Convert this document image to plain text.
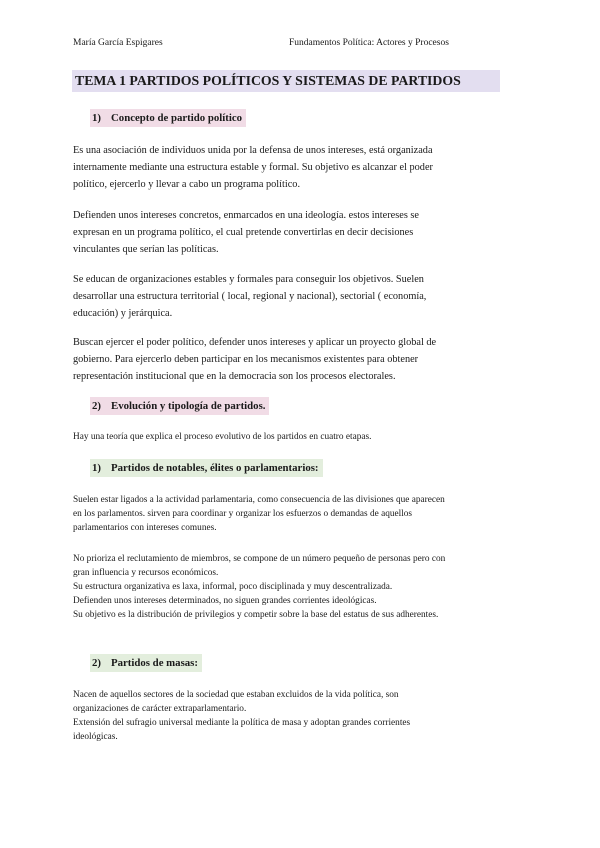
María García Espigares	Fundamentos Política: Actores y Procesos
TEMA 1 PARTIDOS POLÍTICOS Y SISTEMAS DE PARTIDOS
1) Concepto de partido político
Es una asociación de individuos unida por la defensa de unos intereses, está organizada
internamente mediante una estructura estable y formal. Su objetivo es alcanzar el poder
político, ejercerlo y llevar a cabo un programa político.
Defienden unos intereses concretos, enmarcados en una ideología. estos intereses se
expresan en un programa político, el cual pretende convertirlas en decir decisiones
vinculantes que serían las políticas.
Se educan de organizaciones estables y formales para conseguir los objetivos. Suelen
desarrollar una estructura territorial ( local, regional y nacional), sectorial ( economía,
educación) y jerárquica.
Buscan ejercer el poder político, defender unos intereses y aplicar un proyecto global de
gobierno. Para ejercerlo deben participar en los mecanismos existentes para obtener
representación institucional que en la democracia son los procesos electorales.
2) Evolución y tipología de partidos.
Hay una teoría que explica el proceso evolutivo de los partidos en cuatro etapas.
1) Partidos de notables, élites o parlamentarios:
Suelen estar ligados a la actividad parlamentaria, como consecuencia de las divisiones que aparecen
en los parlamentos. sirven para coordinar y organizar los esfuerzos o demandas de aquellos
parlamentarios con intereses comunes.
No prioriza el reclutamiento de miembros, se compone de un número pequeño de personas pero con
gran influencia y recursos económicos.
Su estructura organizativa es laxa, informal, poco disciplinada y muy descentralizada.
Defienden unos intereses determinados, no siguen grandes corrientes ideológicas.
Su objetivo es la distribución de privilegios y competir sobre la base del estatus de sus adherentes.
2) Partidos de masas:
Nacen de aquellos sectores de la sociedad que estaban excluidos de la vida política, son
organizaciones de carácter extraparlamentario.
Extensión del sufragio universal mediante la política de masa y adoptan grandes corrientes
ideológicas.
